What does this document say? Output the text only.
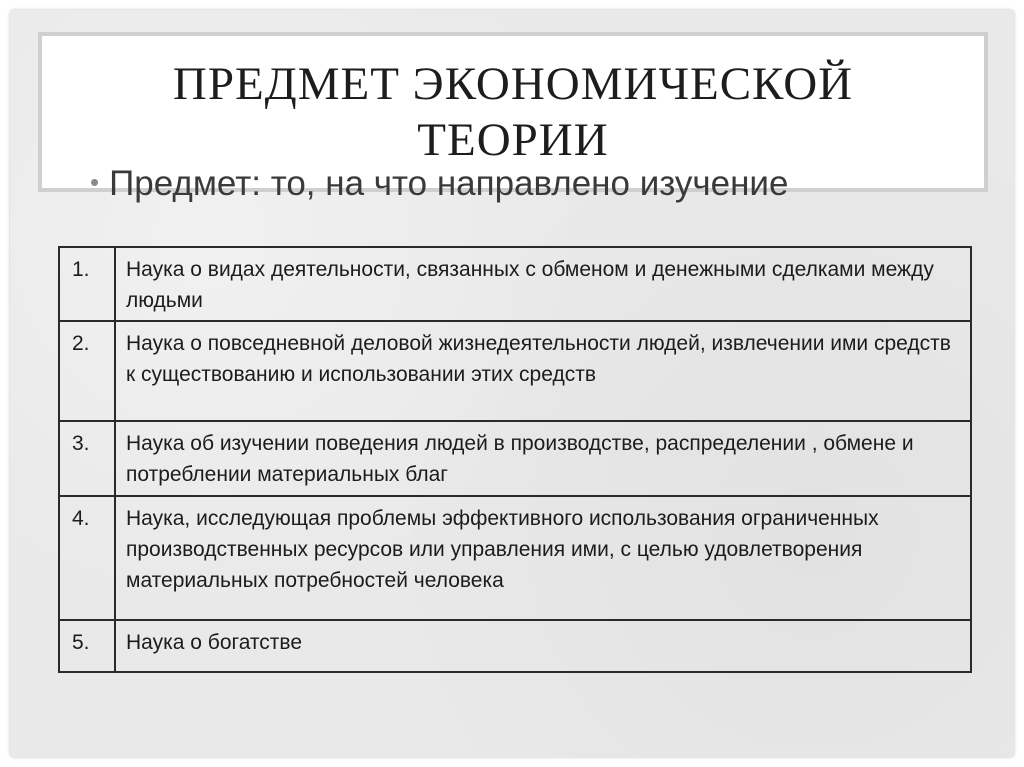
ПРЕДМЕТ ЭКОНОМИЧЕСКОЙ
ТЕОРИИ
• Предмет: то, на что направлено изучение
1.	Наука о видах деятельности, связанных с обменом и денежными сделками между людьми
2.	Наука о повседневной деловой жизнедеятельности людей, извлечении ими средств к существованию и использовании этих средств
3.	Наука об изучении поведения людей в производстве, распределении , обмене и потреблении материальных благ
4.	Наука, исследующая проблемы эффективного использования ограниченных производственных ресурсов или управления ими, с целью удовлетворения материальных потребностей человека
5.	Наука о богатстве
